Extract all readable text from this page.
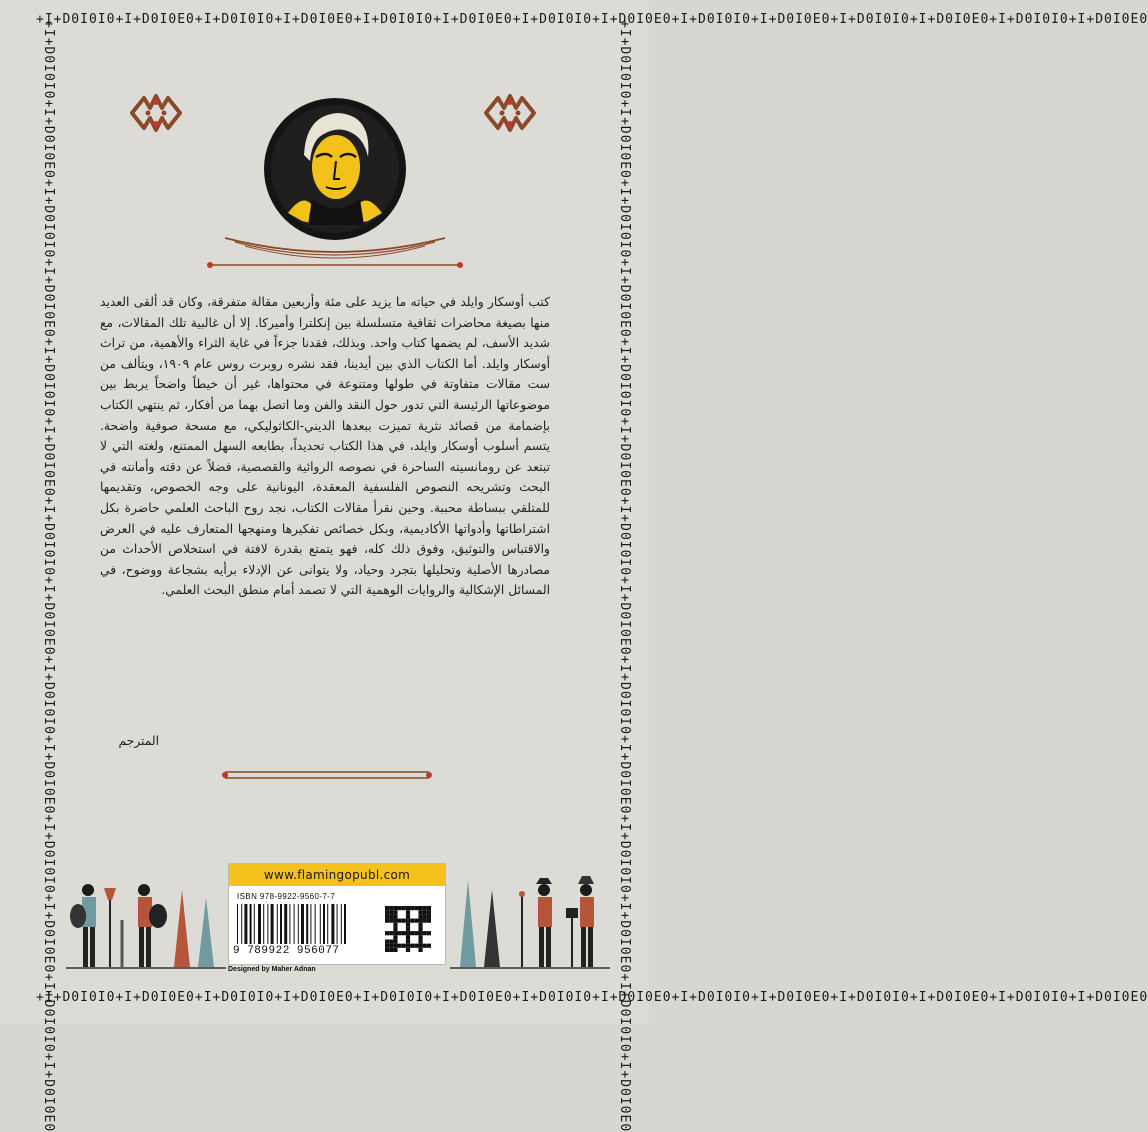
+I+D0I0I0+I+D0I0E0+I+D0I0I0+I+D0I0E0+I+D0I0I0+I+D0I0E0+I+D0I0I0+I+D0I0E0+I+D0I0I0+I+D0I0E0+I+D0I0I0+I+D0I0E0+I+D0I0I0+I+D0I0E0
+I+D0I0I0+I+D0I0E0+I+D0I0I0+I+D0I0E0+I+D0I0I0+I+D0I0E0+I+D0I0I0+I+D0I0E0+I+D0I0I0+I+D0I0E0+I+D0I0I0+I+D0I0E0+I+D0I0I0+I+D0I0E0
+I+D0I0I0+I+D0I0E0+I+D0I0I0+I+D0I0E0+I+D0I0I0+I+D0I0E0+I+D0I0I0+I+D0I0E0+I+D0I0I0+I+D0I0E0+I+D0I0I0+I+D0I0E0+I+D0I0I0+I+D0I0E0	+I+D0I0I0+I+D0I0E0+I+D0I0I0+I+D0I0E0+I+D0I0I0+I+D0I0E0+I+D0I0I0+I+D0I0E0+I+D0I0I0+I+D0I0E0+I+D0I0I0+I+D0I0E0+I+D0I0I0+I+D0I0E0

كتب أوسكار وايلد في حياته ما يزيد على مئة وأربعين مقالة متفرقة، وكان قد ألقى العديد منها بصيغة محاضرات ثقافية متسلسلة بين إنكلترا وأميركا. إلا أن غالبية تلك المقالات، مع شديد الأسف، لم يضمها كتاب واحد. وبذلك، فقدنا جزءاً في غاية الثراء والأهمية، من تراث أوسكار وايلد. أما الكتاب الذي بين أيدينا، فقد نشره روبرت روس عام ١٩٠٩، ويتألف من ست مقالات متفاوتة في طولها ومتنوعة في محتواها، غير أن خيطاً واضحاً يربط بين موضوعاتها الرئيسة التي تدور حول النقد والفن وما اتصل بهما من أفكار، ثم ينتهي الكتاب بإضمامة من قصائد نثرية تميزت ببعدها الديني-الكاثوليكي، مع مسحة صوفية واضحة. يتسم أسلوب أوسكار وايلد، في هذا الكتاب تحديداً، بطابعه السهل الممتنع، ولغته التي لا تبتعد عن رومانسيته الساحرة في نصوصه الروائية والقصصية، فضلاً عن دقته وأمانته في البحث وتشريحه النصوص الفلسفية المعقدة، اليونانية على وجه الخصوص، وتقديمها للمتلقي ببساطة محببة. وحين نقرأ مقالات الكتاب، نجد روح الباحث العلمي حاضرة بكل اشتراطاتها وأدواتها الأكاديمية، وبكل خصائص تفكيرها ومنهجها المتعارف عليه في العرض والاقتباس والتوثيق، وفوق ذلك كله، فهو يتمتع بقدرة لافتة في استخلاص الأحداث من مصادرها الأصلية وتحليلها بتجرد وحياد، ولا يتوانى عن الإدلاء برأيه بشجاعة ووضوح، في المسائل الإشكالية والروايات الوهمية التي لا تصمد أمام منطق البحث العلمي.

المترجم
www.flamingopubl.com
ISBN 978-9922-9560-7-7
9 789922 956077
Designed by Maher Adnan
